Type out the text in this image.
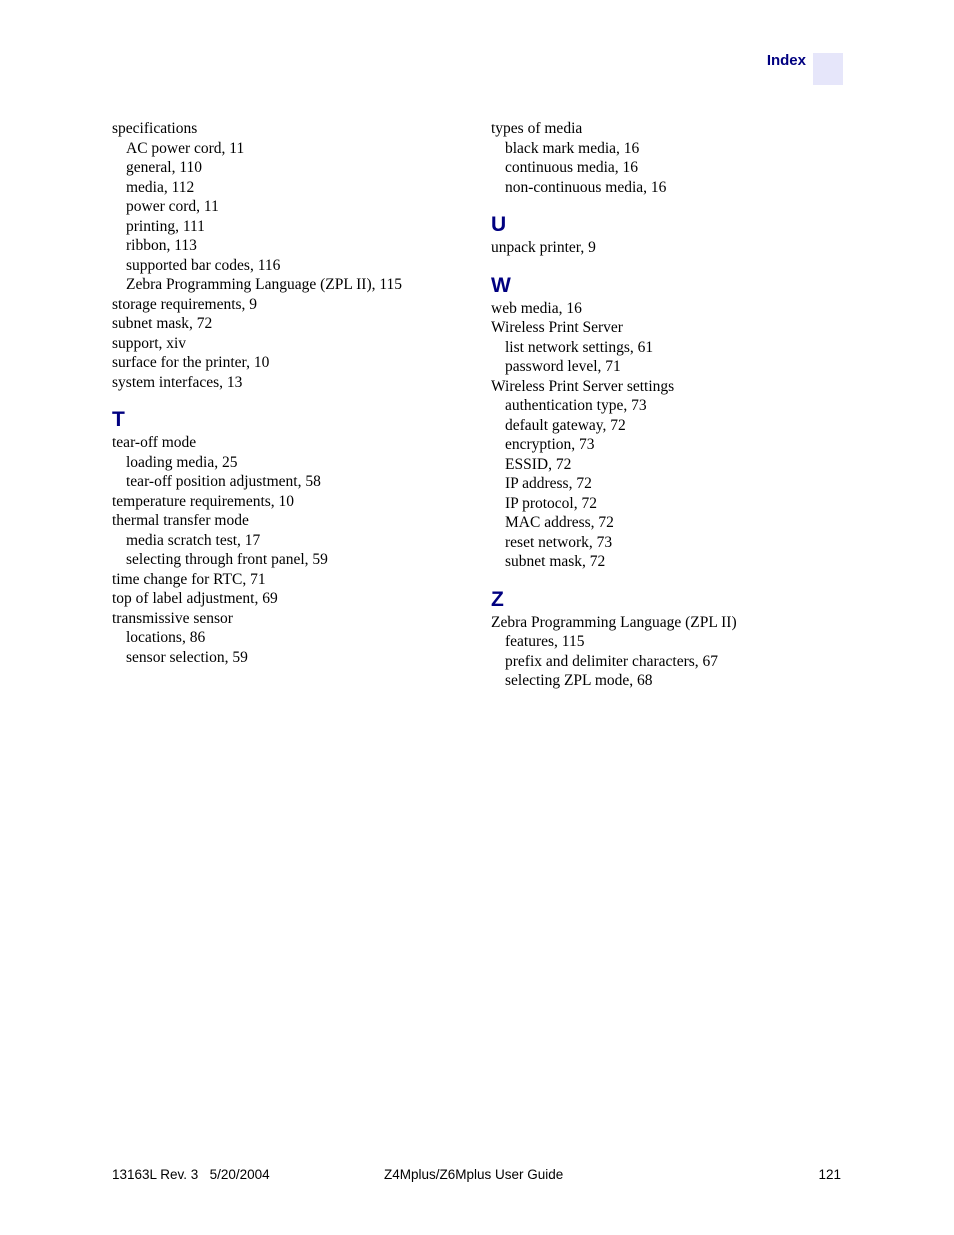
Index
specifications
AC power cord, 11
general, 110
media, 112
power cord, 11
printing, 111
ribbon, 113
supported bar codes, 116
Zebra Programming Language (ZPL II), 115
storage requirements, 9
subnet mask, 72
support, xiv
surface for the printer, 10
system interfaces, 13
T
tear-off mode
loading media, 25
tear-off position adjustment, 58
temperature requirements, 10
thermal transfer mode
media scratch test, 17
selecting through front panel, 59
time change for RTC, 71
top of label adjustment, 69
transmissive sensor
locations, 86
sensor selection, 59
types of media
black mark media, 16
continuous media, 16
non-continuous media, 16
U
unpack printer, 9
W
web media, 16
Wireless Print Server
list network settings, 61
password level, 71
Wireless Print Server settings
authentication type, 73
default gateway, 72
encryption, 73
ESSID, 72
IP address, 72
IP protocol, 72
MAC address, 72
reset network, 73
subnet mask, 72
Z
Zebra Programming Language (ZPL II)
features, 115
prefix and delimiter characters, 67
selecting ZPL mode, 68
13163L Rev. 3 5/20/2004	Z4Mplus/Z6Mplus User Guide	121
